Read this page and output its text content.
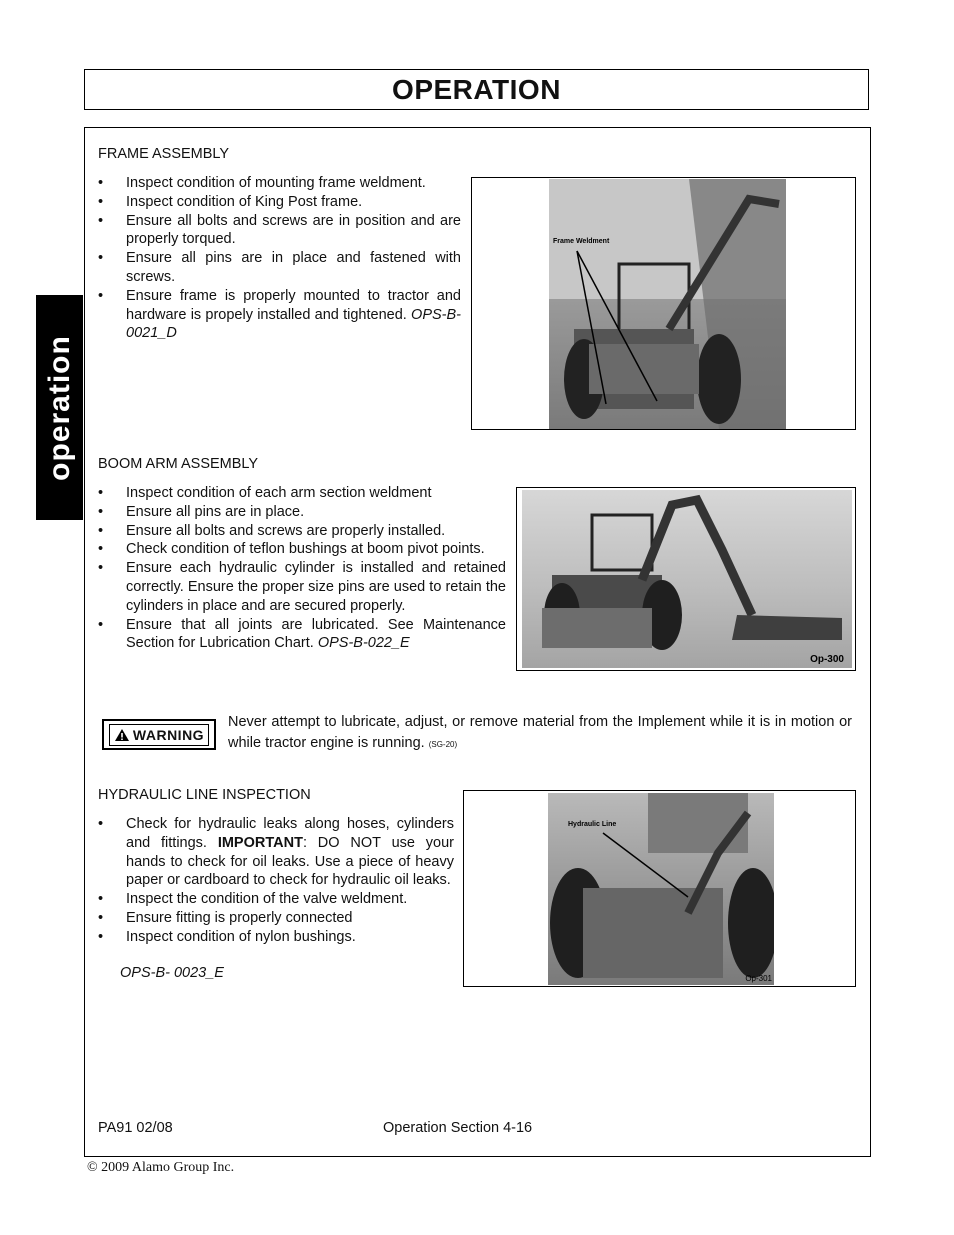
OPERATION
operation
FRAME ASSEMBLY
• Inspect condition of mounting frame weldment.
• Inspect condition of King Post frame.
• Ensure all bolts and screws are in position and are properly torqued.
• Ensure all pins are in place and fastened with screws.
• Ensure frame is properly mounted to tractor and hardware is propely installed and tightened. OPS-B- 0021_D
Frame Weldment
BOOM ARM ASSEMBLY
• Inspect condition of each arm section weldment
• Ensure all pins are in place.
• Ensure all bolts and screws are properly installed.
• Check condition of teflon bushings at boom pivot points.
• Ensure each hydraulic cylinder is installed and retained correctly. Ensure the proper size pins are used to retain the cylinders in place and are secured properly.
• Ensure that all joints are lubricated. See Maintenance Section for Lubrication Chart. OPS-B-022_E
Op-300
WARNING
Never attempt to lubricate, adjust, or remove material from the Implement while it is in motion or while tractor engine is running. (SG-20)
HYDRAULIC LINE INSPECTION
• Check for hydraulic leaks along hoses, cylinders and fittings. IMPORTANT: DO NOT use your hands to check for oil leaks. Use a piece of heavy paper or cardboard to check for hydraulic oil leaks.
• Inspect the condition of the valve weldment.
• Ensure fitting is properly connected
• Inspect condition of nylon bushings.
OPS-B- 0023_E
Hydraulic Line
Op-301
PA91 02/08	Operation Section 4-16
© 2009 Alamo Group Inc.
